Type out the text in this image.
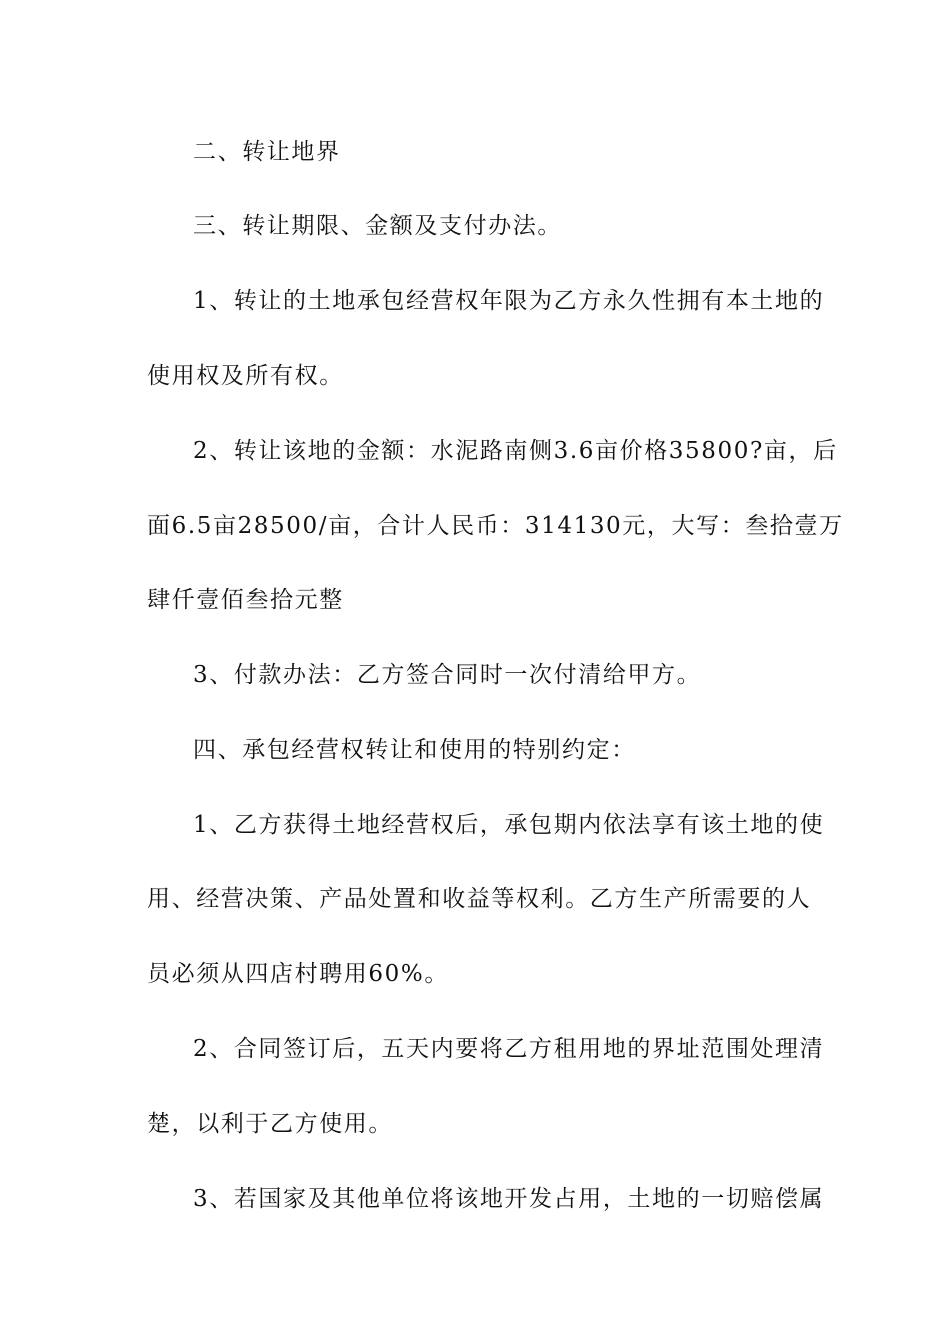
二、转让地界
三、转让期限、金额及支付办法。
1、转让的土地承包经营权年限为乙方永久性拥有本土地的
使用权及所有权。
2、转让该地的金额：水泥路南侧3.6亩价格35800?亩，后
面6.5亩28500/亩，合计人民币：314130元，大写：叁拾壹万
肆仟壹佰叁拾元整
3、付款办法：乙方签合同时一次付清给甲方。
四、承包经营权转让和使用的特别约定：
1、乙方获得土地经营权后，承包期内依法享有该土地的使
用、经营决策、产品处置和收益等权利。乙方生产所需要的人
员必须从四店村聘用60%。
2、合同签订后，五天内要将乙方租用地的界址范围处理清
楚，以利于乙方使用。
3、若国家及其他单位将该地开发占用，土地的一切赔偿属
